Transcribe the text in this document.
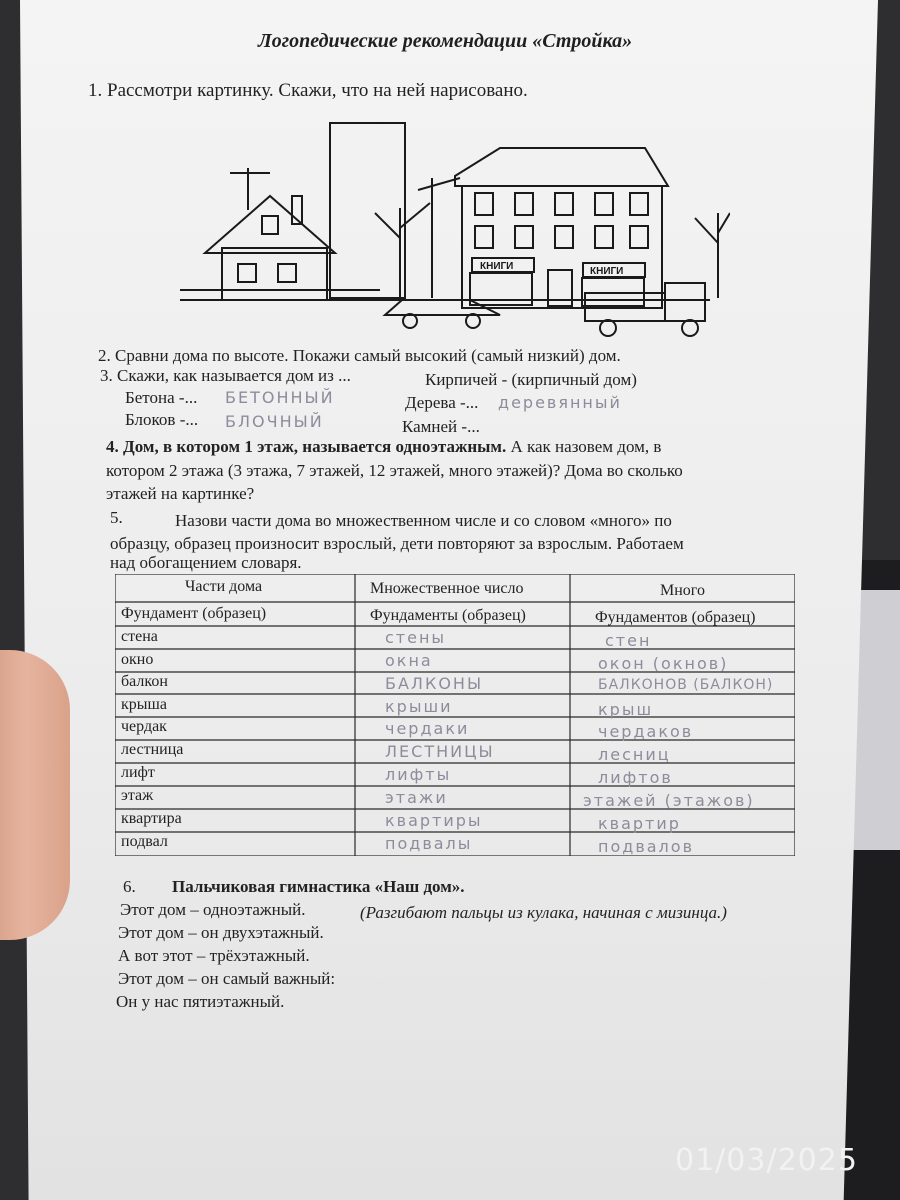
Логопедические рекомендации «Стройка»
1. Рассмотри картинку. Скажи, что на ней нарисовано.
КНИГИ	КНИГИ
2. Сравни дома по высоте. Покажи самый высокий (самый низкий) дом.
3. Скажи, как называется дом из ...	Кирпичей - (кирпичный дом)
Бетона -... БЕТОННЫЙ	Дерева -... деревянный
Блоков -... БЛОЧНЫЙ	Камней -...
4. Дом, в котором 1 этаж, называется одноэтажным. А как назовем дом, в
котором 2 этажа (3 этажа, 7 этажей, 12 этажей, много этажей)? Дома во сколько
этажей на картинке?
5.	Назови части дома во множественном числе и со словом «много» по
образцу, образец произносит взрослый, дети повторяют за взрослым. Работаем
над обогащением словаря.
Части дома	Множественное число	Много
Фундамент (образец)	Фундаменты (образец)	Фундаментов (образец)
стена	стены	стен
окно	окна	окон (окнов)
балкон	БАЛКОНЫ	БАЛКОНОВ (БАЛКОН)
крыша	крыши	крыш
чердак	чердаки	чердаков
лестница	ЛЕСТНИЦЫ	лесниц
лифт	лифты	лифтов
этаж	этажи	этажей (этажов)
квартира	квартиры	квартир
подвал	подвалы	подвалов
6. Пальчиковая гимнастика «Наш дом».
Этот дом – одноэтажный.	(Разгибают пальцы из кулака, начиная с мизинца.)
Этот дом – он двухэтажный.
А вот этот – трёхэтажный.
Этот дом – он самый важный:
Он у нас пятиэтажный.
01/03/2025
